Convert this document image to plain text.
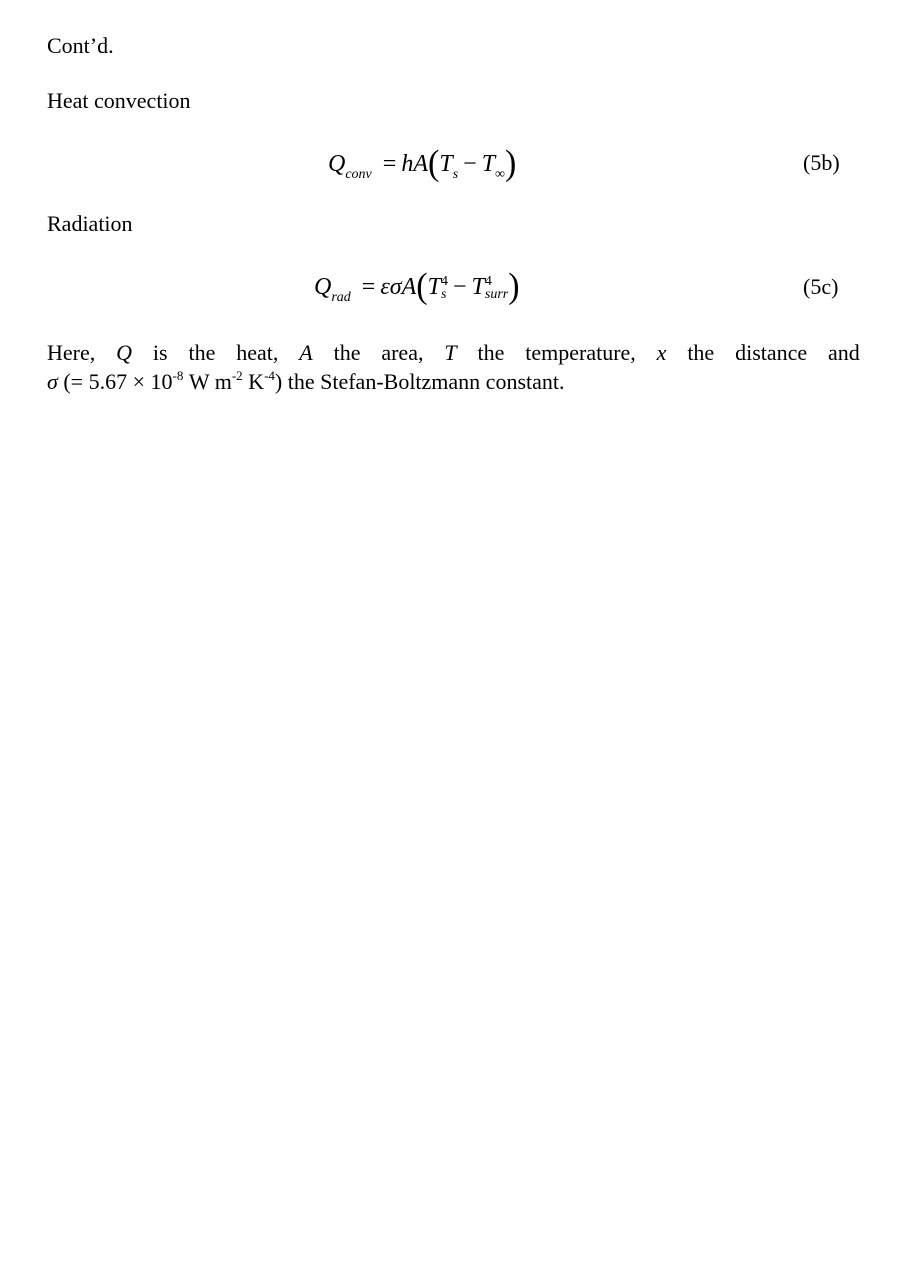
Cont’d.
Heat convection
$Q_{conv} = hA(T_s - T_\infty)$	(5b)
Radiation
$Q_{rad} = \varepsilon\sigma A(T$ 4
s − T 4
surr )	(5c)
Here, Q is the heat, A the area, T the temperature, x the distance and
σ (= $5.67 \times 10^{-8}$ W $m^{-2}$ $K^{-4}$) the Stefan-Boltzmann constant.
